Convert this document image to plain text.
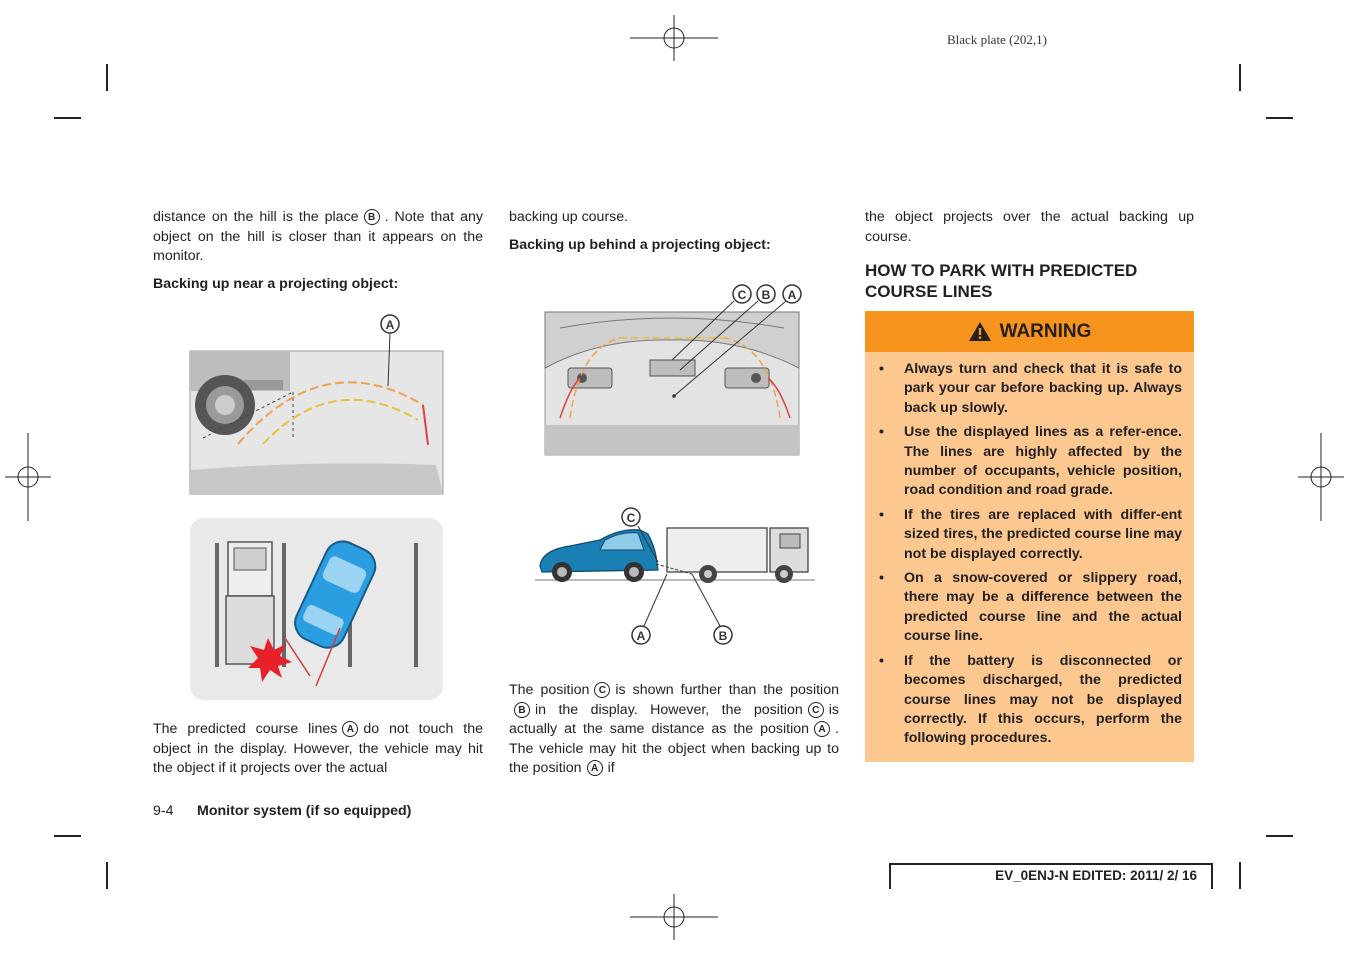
Black plate (202,1)

distance on the hill is the place B . Note that any object on the hill is closer than it appears on the monitor.

Backing up near a projecting object:

A

The predicted course lines A do not touch the object in the display. However, the vehicle may hit the object if it projects over the actual

backing up course.

Backing up behind a projecting object:

C B A
C
A	B

The position C is shown further than the positionB in the display. However, the position C is actually at the same distance as the position A . The vehicle may hit the object when backing up to the position A if

the object projects over the actual backing up course.

HOW TO PARK WITH PREDICTED COURSE LINES
WARNING
• Always turn and check that it is safe to park your car before backing up. Always back up slowly.
• Use the displayed lines as a refer-ence. The lines are highly affected by the number of occupants, vehicle position, road condition and road grade.
• If the tires are replaced with differ-ent sized tires, the predicted course line may not be displayed correctly.
• On a snow-covered or slippery road, there may be a difference between the predicted course line and the actual course line.
• If the battery is disconnected or becomes discharged, the predicted course lines may not be displayed correctly. If this occurs, perform the following procedures.
9-4 Monitor system (if so equipped)
EV_0ENJ-N EDITED: 2011/ 2/ 16
